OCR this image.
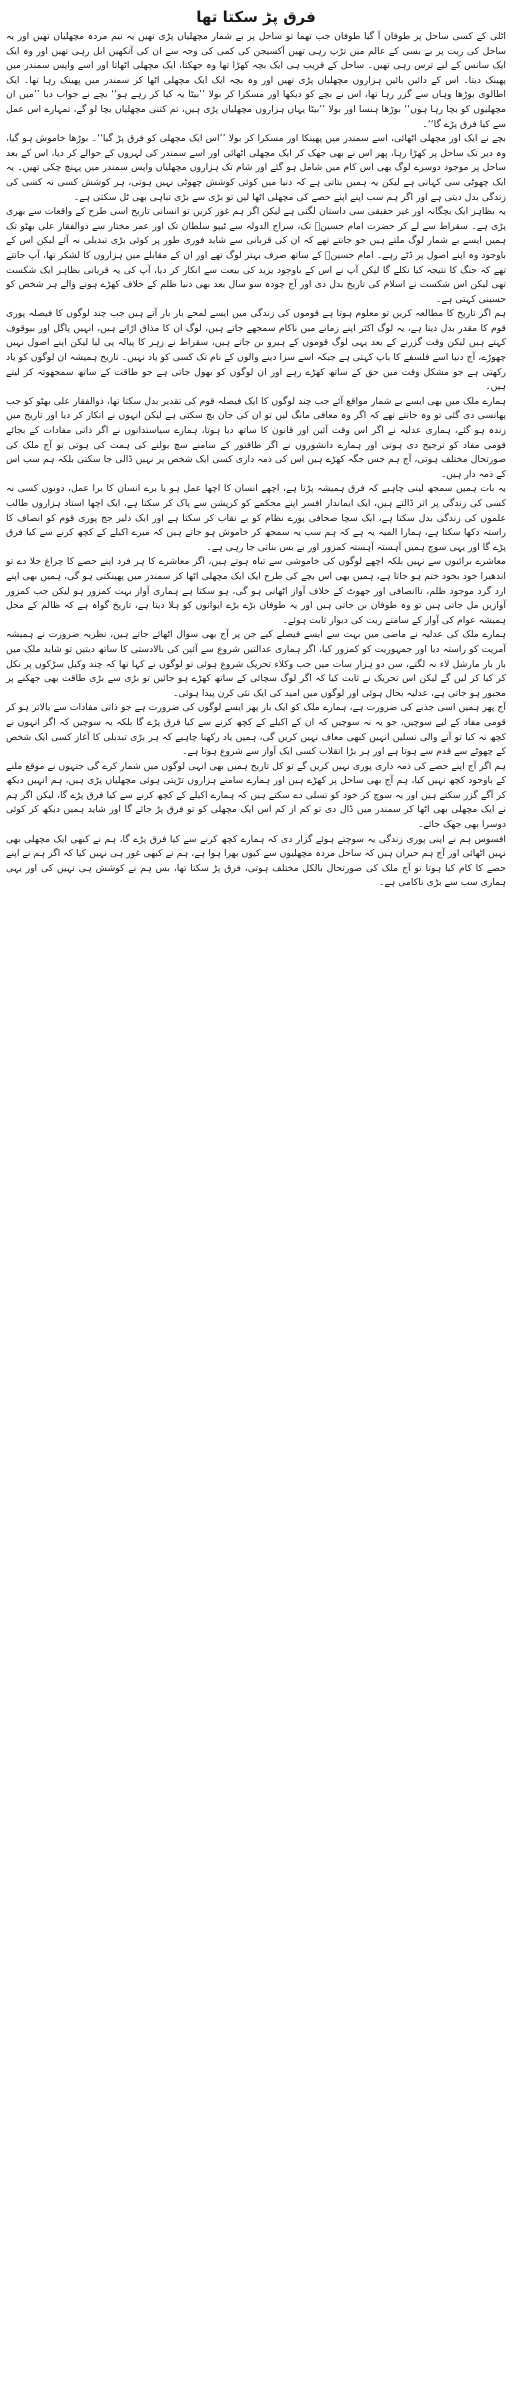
فرق پڑ سکتا تھا

اٹلی کے کسی ساحل پر طوفان آ گیا طوفان جب تھما تو ساحل پر بے شمار مچھلیاں پڑی تھیں یہ نیم مردہ مچھلیاں تھیں اور یہ ساحل کی ریت پر بے بسی کے عالم میں تڑپ رہی تھیں آکسیجن کی کمی کی وجہ سے ان کی آنکھیں ابل رہی تھیں اور وہ ایک ایک سانس کے لیے ترس رہی تھیں۔ ساحل کے قریب ہی ایک بچہ کھڑا تھا وہ جھکتا، ایک مچھلی اٹھاتا اور اسے واپس سمندر میں پھینک دیتا۔ اس کے دائیں بائیں ہزاروں مچھلیاں پڑی تھیں اور وہ بچہ ایک ایک مچھلی اٹھا کر سمندر میں پھینک رہا تھا۔ ایک اطالوی بوڑھا وہاں سے گزر رہا تھا، اس نے بچے کو دیکھا اور مسکرا کر بولا ’’بیٹا یہ کیا کر رہے ہو‘‘ بچے نے جواب دیا ’’میں ان مچھلیوں کو بچا رہا ہوں‘‘ بوڑھا ہنسا اور بولا ’’بیٹا یہاں ہزاروں مچھلیاں پڑی ہیں، تم کتنی مچھلیاں بچا لو گے، تمہارے اس عمل سے کیا فرق پڑے گا‘‘۔

بچے نے ایک اور مچھلی اٹھائی، اسے سمندر میں پھینکا اور مسکرا کر بولا ’’اس ایک مچھلی کو فرق پڑ گیا‘‘۔ بوڑھا خاموش ہو گیا، وہ دیر تک ساحل پر کھڑا رہا، پھر اس نے بھی جھک کر ایک مچھلی اٹھائی اور اسے سمندر کی لہروں کے حوالے کر دیا، اس کے بعد ساحل پر موجود دوسرے لوگ بھی اس کام میں شامل ہو گئے اور شام تک ہزاروں مچھلیاں واپس سمندر میں پہنچ چکی تھیں۔ یہ ایک چھوٹی سی کہانی ہے لیکن یہ ہمیں بتاتی ہے کہ دنیا میں کوئی کوشش چھوٹی نہیں ہوتی، ہر کوشش کسی نہ کسی کی زندگی بدل دیتی ہے اور اگر ہم سب اپنے اپنے حصے کی مچھلی اٹھا لیں تو بڑی سے بڑی تباہی بھی ٹل سکتی ہے۔

یہ بظاہر ایک بچگانہ اور غیر حقیقی سی داستان لگتی ہے لیکن اگر ہم غور کریں تو انسانی تاریخ اسی طرح کے واقعات سے بھری پڑی ہے۔ سقراط سے لے کر حضرت امام حسینؓ تک، سراج الدولہ سے ٹیپو سلطان تک اور عمر مختار سے ذوالفقار علی بھٹو تک ہمیں ایسے بے شمار لوگ ملتے ہیں جو جانتے تھے کہ ان کی قربانی سے شاید فوری طور پر کوئی بڑی تبدیلی نہ آئے لیکن اس کے باوجود وہ اپنے اصول پر ڈٹے رہے۔ امام حسینؓ کے ساتھ صرف بہتر لوگ تھے اور ان کے مقابلے میں ہزاروں کا لشکر تھا، آپ جانتے تھے کہ جنگ کا نتیجہ کیا نکلے گا لیکن آپ نے اس کے باوجود یزید کی بیعت سے انکار کر دیا، آپ کی یہ قربانی بظاہر ایک شکست تھی لیکن اس شکست نے اسلام کی تاریخ بدل دی اور آج چودہ سو سال بعد بھی دنیا ظلم کے خلاف کھڑے ہونے والے ہر شخص کو حسینی کہتی ہے۔

ہم اگر تاریخ کا مطالعہ کریں تو معلوم ہوتا ہے قوموں کی زندگی میں ایسے لمحے بار بار آتے ہیں جب چند لوگوں کا فیصلہ پوری قوم کا مقدر بدل دیتا ہے، یہ لوگ اکثر اپنے زمانے میں ناکام سمجھے جاتے ہیں، لوگ ان کا مذاق اڑاتے ہیں، انہیں پاگل اور بیوقوف کہتے ہیں لیکن وقت گزرنے کے بعد یہی لوگ قوموں کے ہیرو بن جاتے ہیں، سقراط نے زہر کا پیالہ پی لیا لیکن اپنے اصول نہیں چھوڑے، آج دنیا اسے فلسفے کا باپ کہتی ہے جبکہ اسے سزا دینے والوں کے نام تک کسی کو یاد نہیں۔ تاریخ ہمیشہ ان لوگوں کو یاد رکھتی ہے جو مشکل وقت میں حق کے ساتھ کھڑے رہے اور ان لوگوں کو بھول جاتی ہے جو طاقت کے ساتھ سمجھوتہ کر لیتے ہیں۔

ہمارے ملک میں بھی ایسے بے شمار مواقع آئے جب چند لوگوں کا ایک فیصلہ قوم کی تقدیر بدل سکتا تھا، ذوالفقار علی بھٹو کو جب پھانسی دی گئی تو وہ جانتے تھے کہ اگر وہ معافی مانگ لیں تو ان کی جان بچ سکتی ہے لیکن انہوں نے انکار کر دیا اور تاریخ میں زندہ ہو گئے، ہماری عدلیہ نے اگر اس وقت آئین اور قانون کا ساتھ دیا ہوتا، ہمارے سیاستدانوں نے اگر ذاتی مفادات کے بجائے قومی مفاد کو ترجیح دی ہوتی اور ہمارے دانشوروں نے اگر طاقتور کے سامنے سچ بولنے کی ہمت کی ہوتی تو آج ملک کی صورتحال مختلف ہوتی، آج ہم جس جگہ کھڑے ہیں اس کی ذمہ داری کسی ایک شخص پر نہیں ڈالی جا سکتی بلکہ ہم سب اس کے ذمہ دار ہیں۔

یہ بات ہمیں سمجھ لینی چاہیے کہ فرق ہمیشہ پڑتا ہے، اچھے انسان کا اچھا عمل ہو یا برے انسان کا برا عمل، دونوں کسی نہ کسی کی زندگی پر اثر ڈالتے ہیں، ایک ایماندار افسر اپنے محکمے کو کرپشن سے پاک کر سکتا ہے، ایک اچھا استاد ہزاروں طالب علموں کی زندگی بدل سکتا ہے، ایک سچا صحافی پورے نظام کو بے نقاب کر سکتا ہے اور ایک دلیر جج پوری قوم کو انصاف کا راستہ دکھا سکتا ہے، ہمارا المیہ یہ ہے کہ ہم سب یہ سمجھ کر خاموش ہو جاتے ہیں کہ میرے اکیلے کے کچھ کرنے سے کیا فرق پڑے گا اور یہی سوچ ہمیں آہستہ آہستہ کمزور اور بے بس بناتی جا رہی ہے۔

معاشرے برائیوں سے نہیں بلکہ اچھے لوگوں کی خاموشی سے تباہ ہوتے ہیں، اگر معاشرے کا ہر فرد اپنے حصے کا چراغ جلا دے تو اندھیرا خود بخود ختم ہو جاتا ہے، ہمیں بھی اس بچے کی طرح ایک ایک مچھلی اٹھا کر سمندر میں پھینکنی ہو گی، ہمیں بھی اپنے ارد گرد موجود ظلم، ناانصافی اور جھوٹ کے خلاف آواز اٹھانی ہو گی، ہو سکتا ہے ہماری آواز بہت کمزور ہو لیکن جب کمزور آوازیں مل جاتی ہیں تو وہ طوفان بن جاتی ہیں اور یہ طوفان بڑے بڑے ایوانوں کو ہلا دیتا ہے، تاریخ گواہ ہے کہ ظالم کے محل ہمیشہ عوام کی آواز کے سامنے ریت کی دیوار ثابت ہوئے۔

ہمارے ملک کی عدلیہ نے ماضی میں بہت سے ایسے فیصلے کیے جن پر آج بھی سوال اٹھائے جاتے ہیں، نظریہ ضرورت نے ہمیشہ آمریت کو راستہ دیا اور جمہوریت کو کمزور کیا، اگر ہماری عدالتیں شروع سے آئین کی بالادستی کا ساتھ دیتیں تو شاید ملک میں بار بار مارشل لاء نہ لگتے، سن دو ہزار سات میں جب وکلاء تحریک شروع ہوئی تو لوگوں نے کہا تھا کہ چند وکیل سڑکوں پر نکل کر کیا کر لیں گے لیکن اس تحریک نے ثابت کیا کہ اگر لوگ سچائی کے ساتھ کھڑے ہو جائیں تو بڑی سے بڑی طاقت بھی جھکنے پر مجبور ہو جاتی ہے، عدلیہ بحال ہوئی اور لوگوں میں امید کی ایک نئی کرن پیدا ہوئی۔

آج پھر ہمیں اسی جذبے کی ضرورت ہے، ہمارے ملک کو ایک بار پھر ایسے لوگوں کی ضرورت ہے جو ذاتی مفادات سے بالاتر ہو کر قومی مفاد کے لیے سوچیں، جو یہ نہ سوچیں کہ ان کے اکیلے کے کچھ کرنے سے کیا فرق پڑے گا بلکہ یہ سوچیں کہ اگر انہوں نے کچھ نہ کیا تو آنے والی نسلیں انہیں کبھی معاف نہیں کریں گی، ہمیں یاد رکھنا چاہیے کہ ہر بڑی تبدیلی کا آغاز کسی ایک شخص کے چھوٹے سے قدم سے ہوتا ہے اور ہر بڑا انقلاب کسی ایک آواز سے شروع ہوتا ہے۔

ہم اگر آج اپنے حصے کی ذمہ داری پوری نہیں کریں گے تو کل تاریخ ہمیں بھی انہی لوگوں میں شمار کرے گی جنہوں نے موقع ملنے کے باوجود کچھ نہیں کیا، ہم آج بھی ساحل پر کھڑے ہیں اور ہمارے سامنے ہزاروں تڑپتی ہوئی مچھلیاں پڑی ہیں، ہم انہیں دیکھ کر آگے گزر سکتے ہیں اور یہ سوچ کر خود کو تسلی دے سکتے ہیں کہ ہمارے اکیلے کے کچھ کرنے سے کیا فرق پڑے گا، لیکن اگر ہم نے ایک مچھلی بھی اٹھا کر سمندر میں ڈال دی تو کم از کم اس ایک مچھلی کو تو فرق پڑ جائے گا اور شاید ہمیں دیکھ کر کوئی دوسرا بھی جھک جائے۔

افسوس ہم نے اپنی پوری زندگی یہ سوچتے ہوئے گزار دی کہ ہمارے کچھ کرنے سے کیا فرق پڑے گا، ہم نے کبھی ایک مچھلی بھی نہیں اٹھائی اور آج ہم حیران ہیں کہ ساحل مردہ مچھلیوں سے کیوں بھرا ہوا ہے، ہم نے کبھی غور ہی نہیں کیا کہ اگر ہم نے اپنے حصے کا کام کیا ہوتا تو آج ملک کی صورتحال بالکل مختلف ہوتی، فرق پڑ سکتا تھا، بس ہم نے کوشش ہی نہیں کی اور یہی ہماری سب سے بڑی ناکامی ہے۔
